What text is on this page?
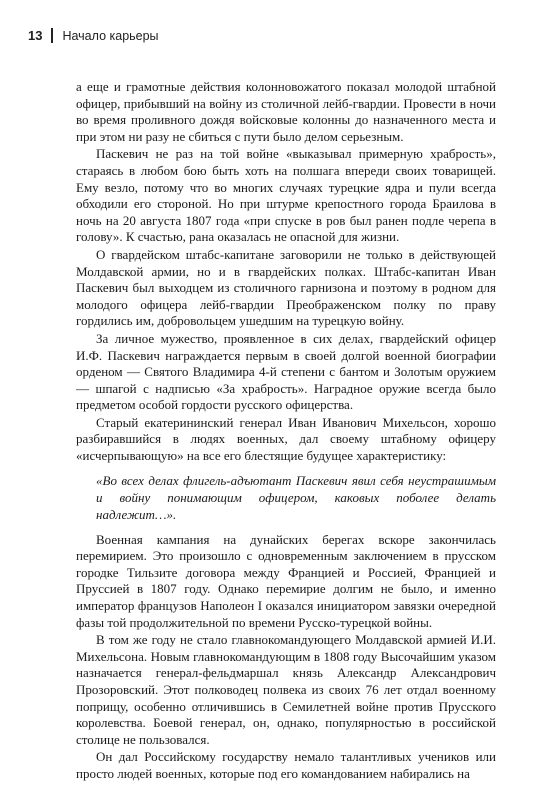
13 Начало карьеры

а еще и грамотные действия колонновожатого показал молодой штабной офицер, прибывший на войну из столичной лейб-гвардии. Провести в ночи во время проливного дождя войсковые колонны до назначенного места и при этом ни разу не сбиться с пути было делом серьезным.

Паскевич не раз на той войне «выказывал примерную храбрость», стараясь в любом бою быть хоть на полшага впереди своих товарищей. Ему везло, потому что во многих случаях турецкие ядра и пули всегда обходили его стороной. Но при штурме крепостного города Браилова в ночь на 20 августа 1807 года «при спуске в ров был ранен подле черепа в голову». К счастью, рана оказалась не опасной для жизни.

О гвардейском штабс-капитане заговорили не только в действующей Молдавской армии, но и в гвардейских полках. Штабс-капитан Иван Паскевич был выходцем из столичного гарнизона и поэтому в родном для молодого офицера лейб-гвардии Преображенском полку по праву гордились им, добровольцем ушедшим на турецкую войну.

За личное мужество, проявленное в сих делах, гвардейский офицер И.Ф. Паскевич награждается первым в своей долгой военной биографии орденом — Святого Владимира 4-й степени с бантом и Золотым оружием — шпагой с надписью «За храбрость». Наградное оружие всегда было предметом особой гордости русского офицерства.

Старый екатерининский генерал Иван Иванович Михельсон, хорошо разбиравшийся в людях военных, дал своему штабному офицеру «исчерпывающую» на все его блестящие будущее характеристику:

«Во всех делах флигель-адъютант Паскевич явил себя неустрашимым и войну понимающим офицером, каковых поболее делать надлежит…».

Военная кампания на дунайских берегах вскоре закончилась перемирием. Это произошло с одновременным заключением в прусском городке Тильзите договора между Францией и Россией, Францией и Пруссией в 1807 году. Однако перемирие долгим не было, и именно император французов Наполеон I оказался инициатором завязки очередной фазы той продолжительной по времени Русско-турецкой войны.

В том же году не стало главнокомандующего Молдавской армией И.И. Михельсона. Новым главнокомандующим в 1808 году Высочайшим указом назначается генерал-фельдмаршал князь Александр Александрович Прозоровский. Этот полководец полвека из своих 76 лет отдал военному поприщу, особенно отличившись в Семилетней войне против Прусского королевства. Боевой генерал, он, однако, популярностью в российской столице не пользовался.

Он дал Российскому государству немало талантливых учеников или просто людей военных, которые под его командованием набирались на
